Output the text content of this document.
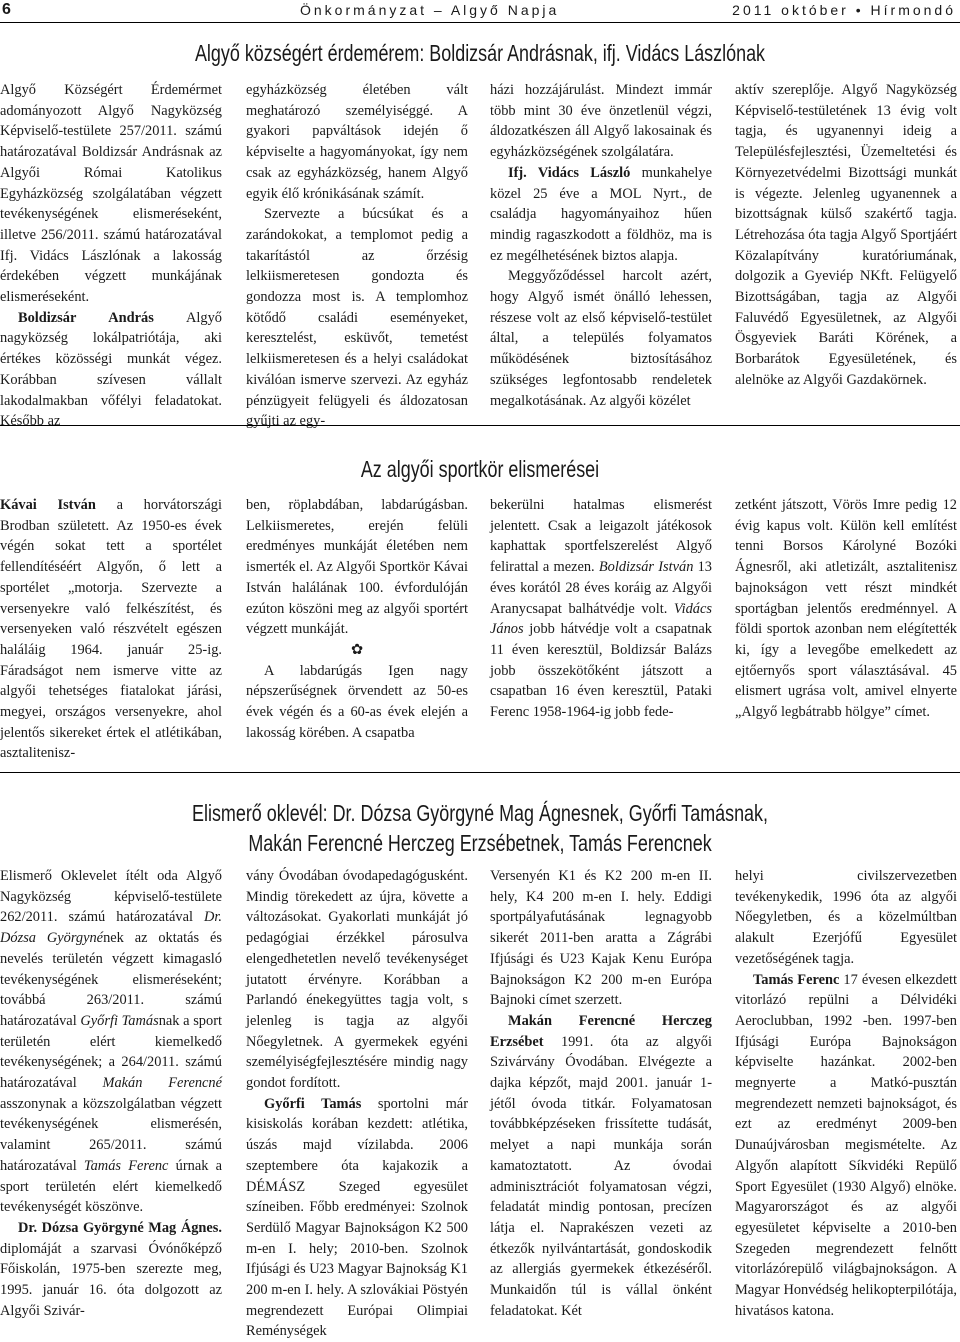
6	Önkormányzat – Algyő Napja	2011 október • Hírmondó
Algyő községért érdemérem: Boldizsár Andrásnak, ifj. Vidács Lászlónak

Algyő Községért Érdemérmet adományozott Algyő Nagyközség Képviselő-testülete 257/2011. számú határozatával Boldizsár Andrásnak az Algyői Római Katolikus Egyházközség szolgálatában végzett tevékenységének elismeréseként, illetve 256/2011. számú határozatával Ifj. Vidács Lászlónak a lakosság érdekében végzett munkájának elismeréseként.

Boldizsár András Algyő nagyközség lokálpatriótája, aki értékes közösségi munkát végez. Korábban szívesen vállalt lakodalmakban vőfélyi feladatokat. Később az

egyházközség életében vált meghatározó személyiséggé. A gyakori papváltások idején ő képviselte a hagyományokat, így nem csak az egyházközség, hanem Algyő egyik élő krónikásának számít.

Szervezte a búcsúkat és a zarándokokat, a templomot pedig a takarítástól az őrzésig lelkiismeretesen gondozta és gondozza most is. A templomhoz kötődő családi eseményeket, keresztelést, esküvőt, temetést lelkiismeretesen és a helyi családokat kiválóan ismerve szervezi. Az egyház pénzügyeit felügyeli és áldozatosan gyűjti az egy-

házi hozzájárulást. Mindezt immár több mint 30 éve önzetlenül végzi, áldozatkészen áll Algyő lakosainak és egyházközségének szolgálatára.

Ifj. Vidács László munkahelye közel 25 éve a MOL Nyrt., de családja hagyományaihoz hűen mindig ragaszkodott a földhöz, ma is ez megélhetésének biztos alapja.

Meggyőződéssel harcolt azért, hogy Algyő ismét önálló lehessen, részese volt az első képviselő-testület által, a település folyamatos működésének biztosításához szükséges legfontosabb rendeletek megalkotásának. Az algyői közélet

aktív szereplője. Algyő Nagyközség Képviselő-testületének 13 évig volt tagja, és ugyanennyi ideig a Településfejlesztési, Üzemeltetési és Környezetvédelmi Bizottsági munkát is végezte. Jelenleg ugyanennek a bizottságnak külső szakértő tagja. Létrehozása óta tagja Algyő Sportjáért Közalapítvány kuratóriumának, dolgozik a Gyeviép NKft. Felügyelő Bizottságában, tagja az Algyői Faluvédő Egyesületnek, az Algyői Ösgyeviek Baráti Körének, a Borbarátok Egyesületének, és alelnöke az Algyői Gazdakörnek.

Az algyői sportkör elismerései

Kávai István a horvátországi Brodban született. Az 1950-es évek végén sokat tett a sportélet fellendítéséért Algyőn, ő lett a sportélet „motorja. Szervezte a versenyekre való felkészítést, és versenyeken való részvételt egészen haláláig 1964. január 25-ig. Fáradságot nem ismerve vitte az algyői tehetséges fiatalokat járási, megyei, országos versenyekre, ahol jelentős sikereket értek el atlétikában, asztalitenisz-

ben, röplabdában, labdarúgásban. Lelkiismeretes, erején felüli eredményes munkáját életében nem ismerték el. Az Algyői Sportkör Kávai István halálának 100. évfordulóján ezúton köszöni meg az algyői sportért végzett munkáját.

✿

A labdarúgás Igen nagy népszerűségnek örvendett az 50-es évek végén és a 60-as évek elején a lakosság körében. A csapatba

bekerülni hatalmas elismerést jelentett. Csak a leigazolt játékosok kaphattak sportfelszerelést Algyő felirattal a mezen. Boldizsár István 13 éves korától 28 éves koráig az Algyői Aranycsapat balhátvédje volt. Vidács János jobb hátvédje volt a csapatnak 11 éven keresztül, Boldizsár Balázs jobb összekötőként játszott a csapatban 16 éven keresztül, Pataki Ferenc 1958-1964-ig jobb fede-

zetként játszott, Vörös Imre pedig 12 évig kapus volt. Külön kell említést tenni Borsos Károlyné Bozóki Ágnesről, aki atletizált, asztalitenisz bajnokságon vett részt mindkét sportágban jelentős eredménnyel. A földi sportok azonban nem elégítették ki, így a levegőbe emelkedett az ejtőernyős sport választásával. 45 elismert ugrása volt, amivel elnyerte „Algyő legbátrabb hölgye” címet.

Elismerő oklevél: Dr. Dózsa Györgyné Mag Ágnesnek, Győrfi Tamásnak,
Makán Ferencné Herczeg Erzsébetnek, Tamás Ferencnek

Elismerő Oklevelet ítélt oda Algyő Nagyközség képviselő-testülete 262/2011. számú határozatával Dr. Dózsa Györgynének az oktatás és nevelés területén végzett kimagasló tevékenységének elismeréseként; továbbá 263/2011. számú határozatával Győrfi Tamásnak a sport területén elért kiemelkedő tevékenységének; a 264/2011. számú határozatával Makán Ferencné asszonynak a közszolgálatban végzett tevékenységének elismerésén, valamint 265/2011. számú határozatával Tamás Ferenc úrnak a sport területén elért kiemelkedő tevékenységét köszönve.

Dr. Dózsa Györgyné Mag Ágnes. diplomáját a szarvasi Óvónőképző Főiskolán, 1975-ben szerezte meg, 1995. január 16. óta dolgozott az Algyői Szivár-

vány Óvodában óvodapedagógusként. Mindig törekedett az újra, követte a változásokat. Gyakorlati munkáját jó pedagógiai érzékkel párosulva elengedhetetlen nevelő tevékenységet jutatott érvényre. Korábban a Parlandó énekegyüttes tagja volt, s jelenleg is tagja az algyői Nőegyletnek. A gyermekek egyéni személyiségfejlesztésére mindig nagy gondot fordított.

Győrfi Tamás sportolni már kisiskolás korában kezdett: atlétika, úszás majd vízilabda. 2006 szeptembere óta kajakozik a DÉMÁSZ Szeged egyesület színeiben. Főbb eredményei: Szolnok Serdülő Magyar Bajnokságon K2 500 m-en I. hely; 2010-ben. Szolnok Ifjúsági és U23 Magyar Bajnokság K1 200 m-en I. hely. A szlovákiai Pöstyén megrendezett Európai Olimpiai Reménységek

Versenyén K1 és K2 200 m-en II. hely, K4 200 m-en I. hely. Eddigi sportpályafutásának legnagyobb sikerét 2011-ben aratta a Zágrábi Ifjúsági és U23 Kajak Kenu Európa Bajnokságon K2 200 m-en Európa Bajnoki címet szerzett.

Makán Ferencné Herczeg Erzsébet 1991. óta az algyői Szivárvány Óvodában. Elvégezte a dajka képzőt, majd 2001. január 1-jétől óvoda titkár. Folyamatosan továbbképzéseken frissítette tudását, melyet a napi munkája során kamatoztatott. Az óvodai adminisztrációt folyamatosan végzi, feladatát mindig pontosan, precízen látja el. Naprakészen vezeti az étkezők nyilvántartását, gondoskodik az allergiás gyermekek étkezéséről. Munkaidőn túl is vállal önként feladatokat. Két

helyi civilszervezetben tevékenykedik, 1996 óta az algyői Nőegyletben, és a közelmúltban alakult Ezerjófű Egyesület vezetőségének tagja.

Tamás Ferenc 17 évesen elkezdett vitorlázó repülni a Délvidéki Aeroclubban, 1992 -ben. 1997-ben Ifjúsági Európa Bajnokságon képviselte hazánkat. 2002-ben megnyerte a Matkó-pusztán megrendezett nemzeti bajnokságot, és ezt az eredményt 2009-ben Dunaújvárosban megismételte. Az Algyőn alapított Síkvidéki Repülő Sport Egyesület (1930 Algyő) elnöke. Magyarországot és az algyői egyesületet képviselte a 2010-ben Szegeden megrendezett felnőtt vitorlázórepülő világbajnokságon. A Magyar Honvédség helikopterpilótája, hivatásos katona.
